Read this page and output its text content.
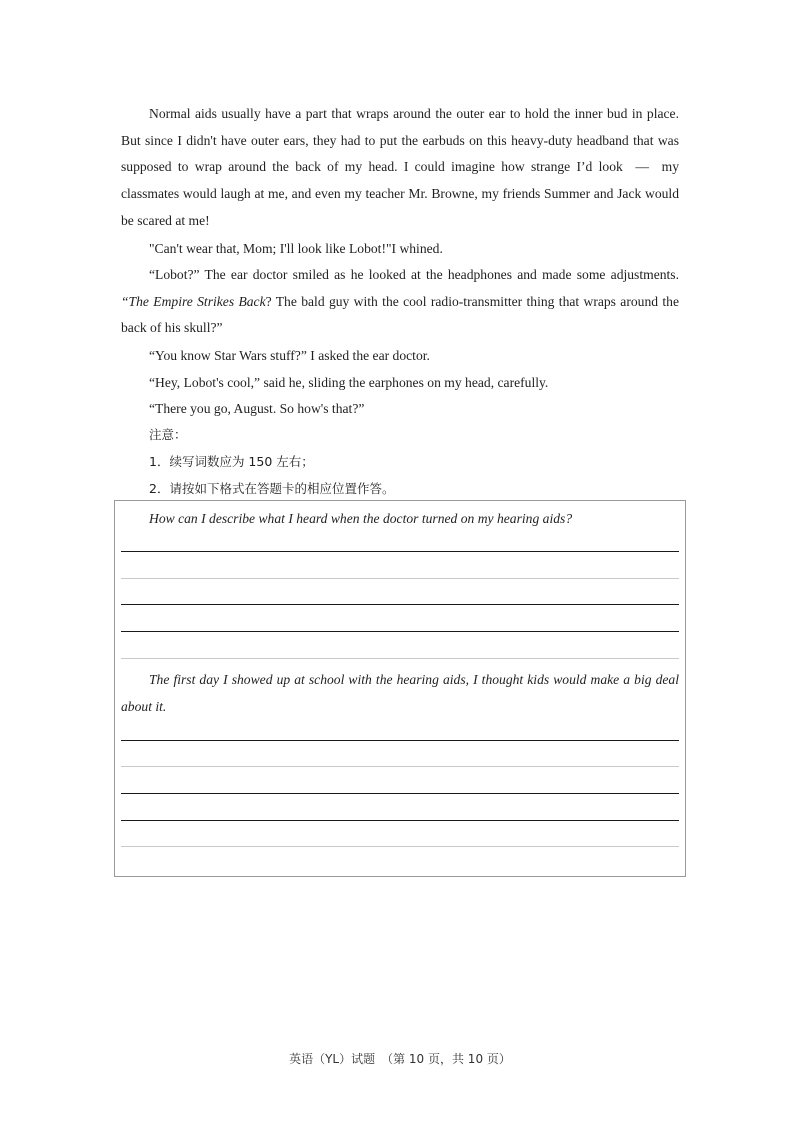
Normal aids usually have a part that wraps around the outer ear to hold the inner bud in place. But since I didn't have outer ears, they had to put the earbuds on this heavy-duty headband that was supposed to wrap around the back of my head. I could imagine how strange I’d look  —  my classmates would laugh at me, and even my teacher Mr. Browne, my friends Summer and Jack would be scared at me!

"Can't wear that, Mom; I'll look like Lobot!"I whined.

“Lobot?” The ear doctor smiled as he looked at the headphones and made some adjustments. “The Empire Strikes Back? The bald guy with the cool radio-transmitter thing that wraps around the back of his skull?”

“You know Star Wars stuff?” I asked the ear doctor.

“Hey, Lobot's cool,” said he, sliding the earphones on my head, carefully.

“There you go, August. So how's that?”

注意：

1．续写词数应为 150 左右；

2．请按如下格式在答题卡的相应位置作答。

How can I describe what I heard when the doctor turned on my hearing aids?

The first day I showed up at school with the hearing aids, I thought kids would make a big deal about it.

英语（YL）试题　（第 10 页，共 10 页）
